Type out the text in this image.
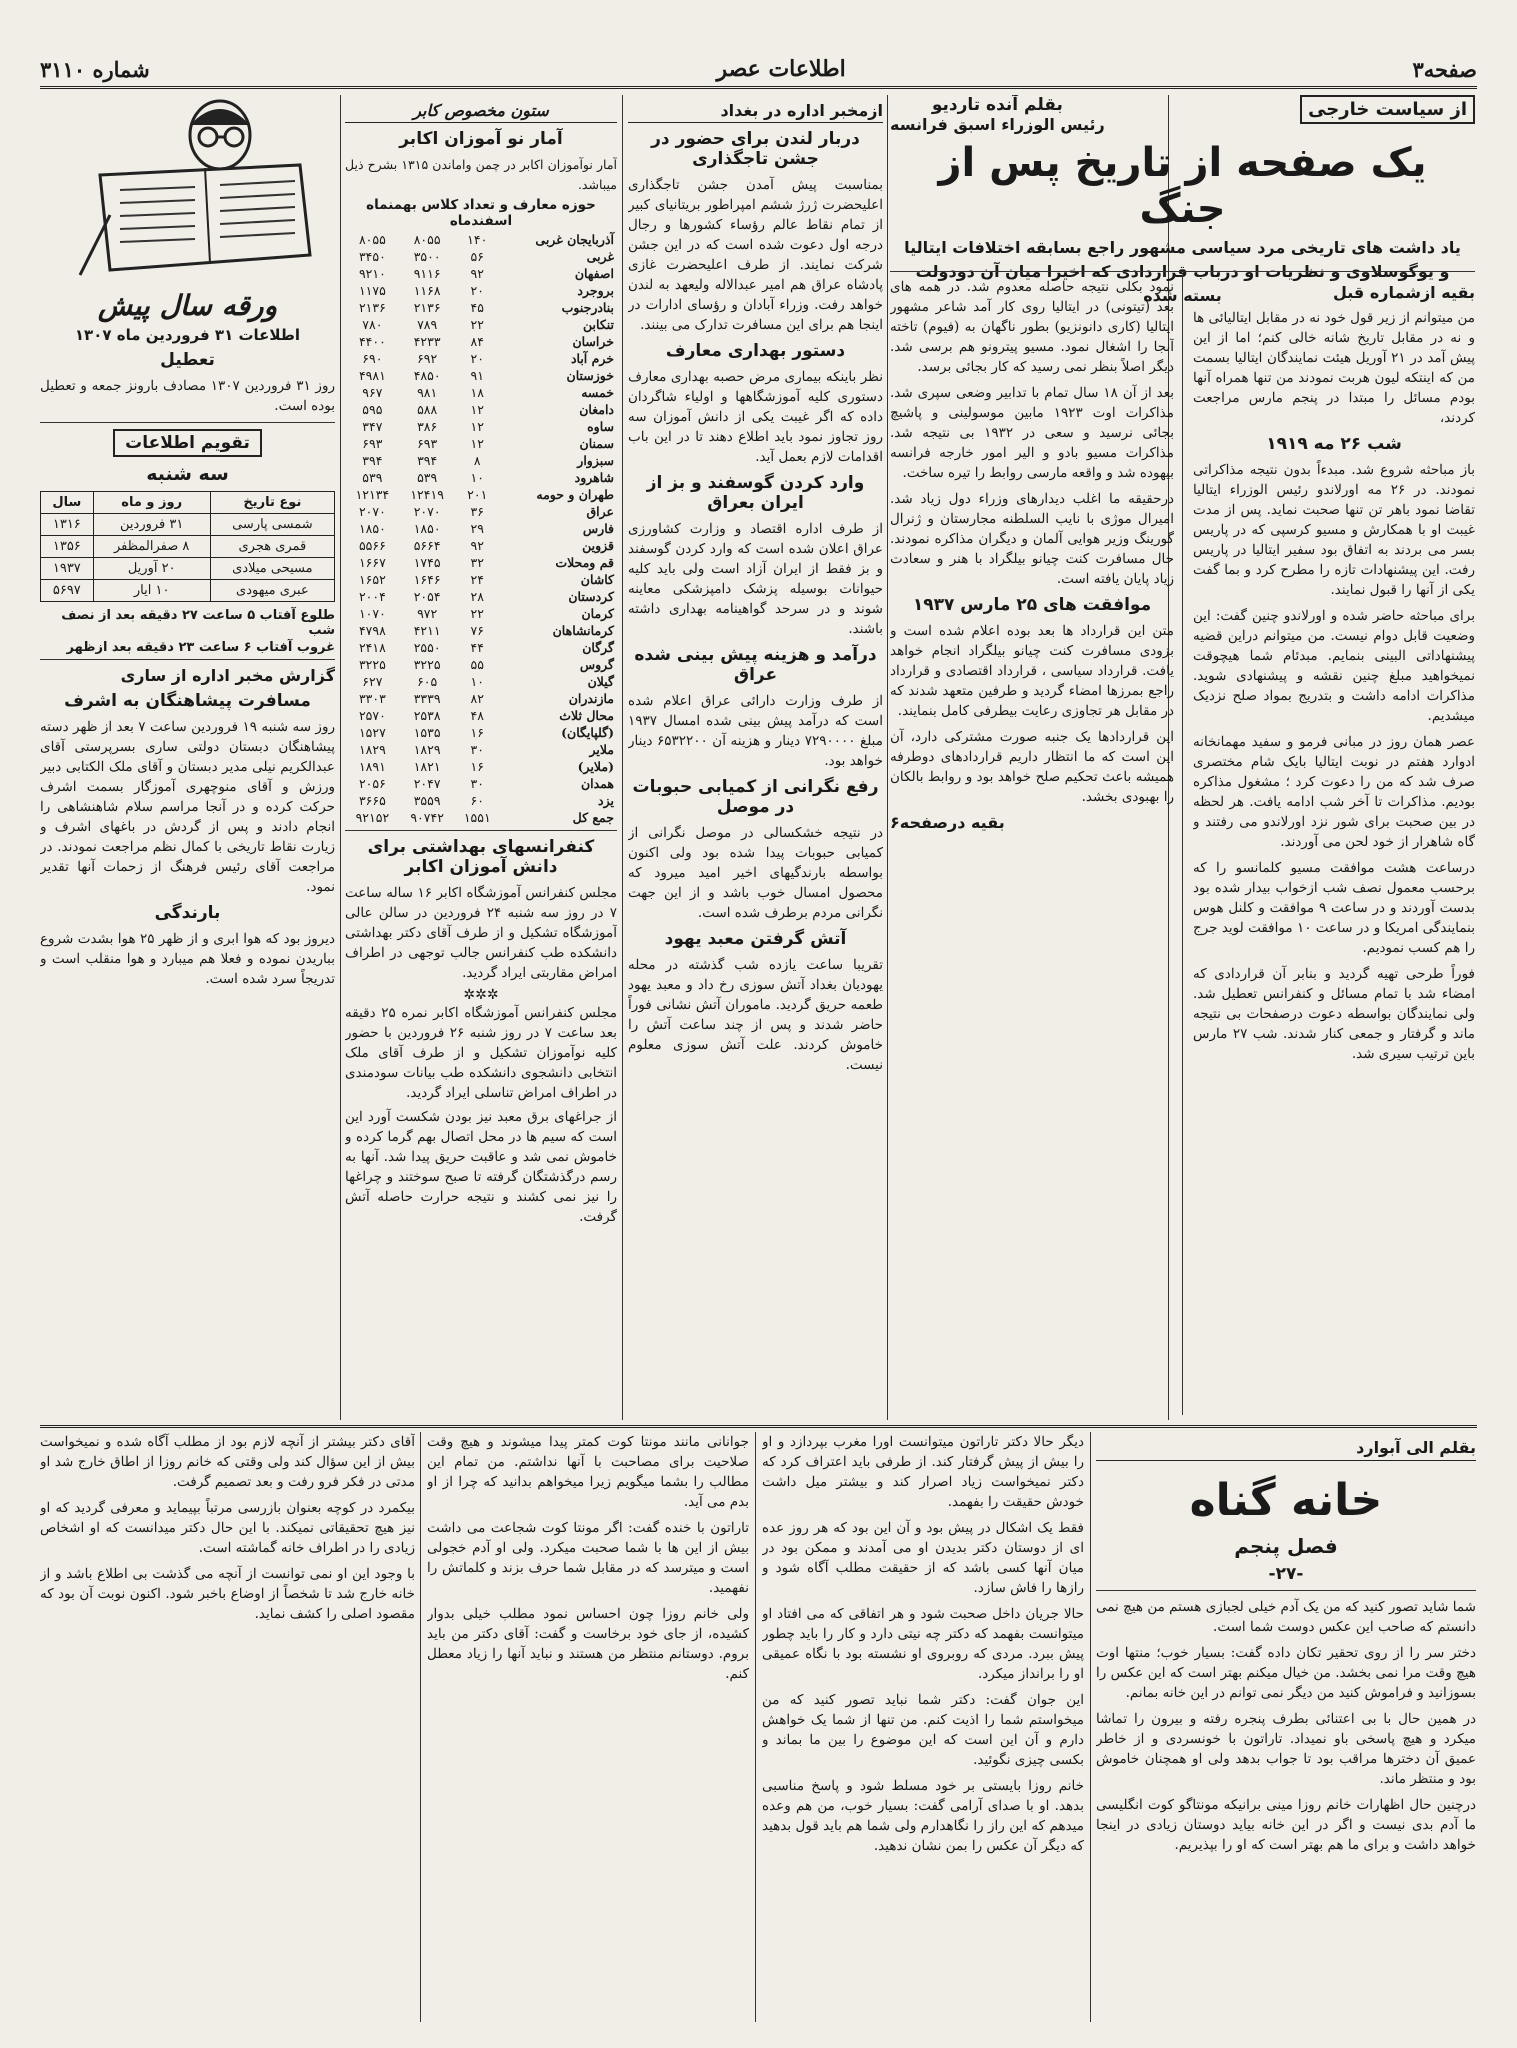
صفحه۳
اطلاعات عصر
شماره ۳۱۱۰
از سیاست خارجی
بقلم آنده تاردیو
رئیس الوزراء اسبق فرانسه
یک صفحه از تاریخ پس از جنگ
یاد داشت های تاریخی مرد سیاسی مشهور راجع بسابقه اختلافات ایتالیا و یوگوسلاوی و نظریات او درباب قراردادی که اخیرا میان آن دودولت بسته شده	بقیه ازشماره قبل

من میتوانم از زیر قول خود نه در مقابل ایتالیائی ها و نه در مقابل تاریخ شانه خالی کنم؛ اما از این پیش آمد در ۲۱ آوریل هیئت نمایندگان ایتالیا بسمت من که اینتکه لیون هربت نمودند من تنها همراه آنها بودم مسائل را مبتدا در پنجم مارس مراجعت کردند،

شب ۲۶ مه ۱۹۱۹

باز مباحثه شروع شد. مبدءاً بدون نتیجه مذاکراتی نمودند. در ۲۶ مه اورلاندو رئیس الوزراء ایتالیا تقاضا نمود باهر تن تنها صحبت نماید. پس از مدت غیبت او با همکارش و مسیو کرسپی که در پاریس بسر می بردند به اتفاق بود سفیر ایتالیا در پاریس رفت. این پیشنهادات تازه را مطرح کرد و بما گفت یکی از آنها را قبول نمایند.

برای مباحثه حاضر شده و اورلاندو چنین گفت: این وضعیت قابل دوام نیست. من میتوانم دراین قضیه پیشنهاداتی البینی بنمایم. مبدئام شما هیچوقت نمیخواهید مبلغ چنین نقشه و پیشنهادی شوید. مذاکرات ادامه داشت و بتدریج بمواد صلح نزدیک میشدیم.

عصر همان روز در مبانی فرمو و سفید مهمانخانه ادوارد هفتم در نوبت ایتالیا بایک شام مختصری صرف شد که من را دعوت کرد ؛ مشغول مذاکره بودیم. مذاکرات تا آخر شب ادامه یافت. هر لحظه در بین صحبت برای شور نزد اورلاندو می رفتند و گاه شاهرار از خود لحن می آوردند.

درساعت هشت موافقت مسیو کلمانسو را که برحسب معمول نصف شب ازخواب بیدار شده بود بدست آوردند و در ساعت ۹ موافقت و کلنل هوس بنمایندگی امریکا و در ساعت ۱۰ موافقت لوید جرج را هم کسب نمودیم.

فوراً طرحی تهیه گردید و بنابر آن قراردادی که امضاء شد با تمام مسائل و کنفرانس تعطیل شد. ولی نمایندگان بواسطه دعوت درصفحات بی نتیجه ماند و گرفتار و جمعی کنار شدند. شب ۲۷ مارس باین ترتیب سیری شد.

نمود بکلی نتیجه حاصله معدوم شد. در همه های بعد (تیتونی) در ایتالیا روی کار آمد شاعر مشهور ایتالیا (کاری دانونزیو) بطور ناگهان به (فیوم) تاخته آنجا را اشغال نمود. مسیو پیترونو هم برسی شد. دیگر اصلاً بنظر نمی رسید که کار بجائی برسد.

بعد از آن ۱۸ سال تمام با تدابیر وضعی سپری شد. مذاکرات اوت ۱۹۲۳ مابین موسولینی و پاشیچ بجائی نرسید و سعی در ۱۹۳۲ بی نتیجه شد. مذاکرات مسیو بادو و الیر امور خارجه فرانسه بیهوده شد و واقعه مارسی روابط را تیره ساخت.

درحقیقه ما اغلب دیدارهای وزراء دول زیاد شد. امیرال موژی با نایب السلطنه مجارستان و ژنرال گورینگ وزیر هوایی آلمان و دیگران مذاکره نمودند. حال مسافرت کنت چیانو بیلگراد با هنر و سعادت زیاد پایان یافته است.

موافقت های ۲۵ مارس ۱۹۳۷

متن این قرارداد ها بعد بوده اعلام شده است و بزودی مسافرت کنت چیانو بیلگراد انجام خواهد یافت. قرارداد سیاسی ، قرارداد اقتصادی و قرارداد راجع بمرزها امضاء گردید و طرفین متعهد شدند که در مقابل هر تجاوزی رعایت بیطرفی کامل بنمایند.

این قراردادها یک جنبه صورت مشترکی دارد، آن این است که ما انتظار داریم قراردادهای دوطرفه همیشه باعث تحکیم صلح خواهد بود و روابط بالکان را بهبودی بخشد.

بقیه درصفحه۶
ازمخبر اداره در بغداد
دربار لندن برای حضور در جشن تاجگذاری

بمناسبت پیش آمدن جشن تاجگذاری اعلیحضرت ژرژ ششم امپراطور بریتانیای کبیر از تمام نقاط عالم رؤساء کشورها و رجال درجه اول دعوت شده است که در این جشن شرکت نمایند. از طرف اعلیحضرت غازی پادشاه عراق هم امیر عبدالاله ولیعهد به لندن خواهد رفت. وزراء آبادان و رؤسای ادارات در اینجا هم برای این مسافرت تدارک می بینند.

دستور بهداری معارف

نظر باینکه بیماری مرض حصبه بهداری معارف دستوری کلیه آموزشگاهها و اولیاء شاگردان داده که اگر غیبت یکی از دانش آموزان سه روز تجاوز نمود باید اطلاع دهند تا در این باب اقدامات لازم بعمل آید.

وارد کردن گوسفند و بز از ایران بعراق

از طرف اداره اقتصاد و وزارت کشاورزی عراق اعلان شده است که وارد کردن گوسفند و بز فقط از ایران آزاد است ولی باید کلیه حیوانات بوسیله پزشک دامپزشکی معاینه شوند و در سرحد گواهینامه بهداری داشته باشند.

درآمد و هزینه پیش بینی شده عراق

از طرف وزارت دارائی عراق اعلام شده است که درآمد پیش بینی شده امسال ۱۹۳۷ مبلغ ۷۲۹۰۰۰۰ دینار و هزینه آن ۶۵۳۲۲۰۰ دینار خواهد بود.

رفع نگرانی از کمیابی حبوبات در موصل

در نتیجه خشکسالی در موصل نگرانی از کمیابی حبوبات پیدا شده بود ولی اکنون بواسطه بارندگیهای اخیر امید میرود که محصول امسال خوب باشد و از این جهت نگرانی مردم برطرف شده است.

آتش گرفتن معبد یهود

تقریبا ساعت یازده شب گذشته در محله یهودیان بغداد آتش سوزی رخ داد و معبد یهود طعمه حریق گردید. ماموران آتش نشانی فوراً حاضر شدند و پس از چند ساعت آتش را خاموش کردند. علت آتش سوزی معلوم نیست.

ستون مخصوص کابر
آمار نو آموزان اکابر

آمار نوآموزان اکابر در چمن واماندن ۱۳۱۵ بشرح ذیل میباشد.

حوزه معارف و تعداد کلاس بهمنماه اسفندماه
آذربایجان غربی	۱۴۰	۸۰۵۵	۸۰۵۵
غربی	۵۶	۳۵۰۰	۳۴۵۰
اصفهان	۹۲	۹۱۱۶	۹۲۱۰
بروجرد	۲۰	۱۱۶۸	۱۱۷۵
بنادرجنوب	۴۵	۲۱۳۶	۲۱۳۶
تنکابن	۲۲	۷۸۹	۷۸۰
خراسان	۸۴	۴۲۳۳	۴۴۰۰
خرم آباد	۲۰	۶۹۲	۶۹۰
خوزستان	۹۱	۴۸۵۰	۴۹۸۱
خمسه	۱۸	۹۸۱	۹۶۷
دامغان	۱۲	۵۸۸	۵۹۵
ساوه	۱۲	۳۸۶	۳۴۷
سمنان	۱۲	۶۹۳	۶۹۳
سبزوار	۸	۳۹۴	۳۹۴
شاهرود	۱۰	۵۳۹	۵۳۹
طهران و حومه	۲۰۱	۱۲۴۱۹	۱۲۱۳۴
عراق	۳۶	۲۰۷۰	۲۰۷۰
فارس	۲۹	۱۸۵۰	۱۸۵۰
قزوین	۹۲	۵۶۶۴	۵۵۶۶
قم ومحلات	۳۲	۱۷۴۵	۱۶۶۷
کاشان	۲۴	۱۶۴۶	۱۶۵۲
کردستان	۲۸	۲۰۵۴	۲۰۰۴
کرمان	۲۲	۹۷۲	۱۰۷۰
کرمانشاهان	۷۶	۴۲۱۱	۴۷۹۸
گرگان	۴۴	۲۵۵۰	۲۴۱۸
گروس	۵۵	۳۲۲۵	۳۲۲۵
گیلان	۱۰	۶۰۵	۶۲۷
مازندران	۸۲	۳۳۳۹	۳۳۰۳
محال ثلاث	۴۸	۲۵۳۸	۲۵۷۰
(گلپایگان)	۱۶	۱۵۳۵	۱۵۲۷
ملایر	۳۰	۱۸۲۹	۱۸۲۹
(ملایر)	۱۶	۱۸۲۱	۱۸۹۱
همدان	۳۰	۲۰۴۷	۲۰۵۶
یزد	۶۰	۳۵۵۹	۳۶۶۵
جمع کل	۱۵۵۱	۹۰۷۴۲	۹۲۱۵۲
کنفرانسهای بهداشتی برای دانش آموزان اکابر

مجلس کنفرانس آموزشگاه اکابر ۱۶ ساله ساعت ۷ در روز سه شنبه ۲۴ فروردین در سالن عالی آموزشگاه تشکیل و از طرف آقای دکتر بهداشتی دانشکده طب کنفرانس جالب توجهی در اطراف امراض مقاربتی ایراد گردید.

✲✲✲

مجلس کنفرانس آموزشگاه اکابر نمره ۲۵ دقیقه بعد ساعت ۷ در روز شنبه ۲۶ فروردین با حضور کلیه نوآموزان تشکیل و از طرف آقای ملک انتخابی دانشجوی دانشکده طب بیانات سودمندی در اطراف امراض تناسلی ایراد گردید.

از جراغهای برق معبد نیز بودن شکست آورد این است که سیم ها در محل اتصال بهم گرما کرده و خاموش نمی شد و عاقبت حریق پیدا شد. آنها به رسم درگذشتگان گرفته تا صبح سوختند و چراغها را نیز نمی کشند و نتیجه حرارت حاصله آتش گرفت.

ورقه سال پیش
اطلاعات ۳۱ فروردین ماه ۱۳۰۷
تعطیل

روز ۳۱ فروردین ۱۳۰۷ مصادف بارونز جمعه و تعطیل بوده است.

تقویم اطلاعات
سه شنبه
نوع تاریخ	روز و ماه	سال
شمسی پارسی	۳۱ فروردین	۱۳۱۶
قمری هجری	۸ صفرالمظفر	۱۳۵۶
مسیحی میلادی	۲۰ آوریل	۱۹۳۷
عبری میهودی	۱۰ ایار	۵۶۹۷

طلوع آفتاب ۵ ساعت ۲۷ دقیقه بعد از نصف شب

غروب آفتاب ۶ ساعت ۲۳ دقیقه بعد ازظهر

گزارش مخبر اداره از ساری
مسافرت پیشاهنگان به اشرف

روز سه شنبه ۱۹ فروردین ساعت ۷ بعد از ظهر دسته پیشاهنگان دبستان دولتی ساری بسرپرستی آقای عبدالکریم نیلی مدیر دبستان و آقای ملک الکتابی دبیر ورزش و آقای منوچهری آموزگار بسمت اشرف حرکت کرده و در آنجا مراسم سلام شاهنشاهی را انجام دادند و پس از گردش در باغهای اشرف و زیارت نقاط تاریخی با کمال نظم مراجعت نمودند. در مراجعت آقای رئیس فرهنگ از زحمات آنها تقدیر نمود.

بارندگی

دیروز بود که هوا ابری و از ظهر ۲۵ هوا بشدت شروع بباریدن نموده و فعلا هم میبارد و هوا منقلب است و تدریجاً سرد شده است.

بقلم الی آبوارد
خانه گناه
فصل پنجم
-۲۷-

شما شاید تصور کنید که من یک آدم خیلی لجبازی هستم من هیچ نمی دانستم که صاحب این عکس دوست شما است.

دختر سر را از روی تحقیر تکان داده گفت: بسیار خوب؛ منتها اوت هیچ وقت مرا نمی بخشد. من خیال میکنم بهتر است که این عکس را بسوزانید و فراموش کنید من دیگر نمی توانم در این خانه بمانم.

در همین حال با بی اعتنائی بطرف پنجره رفته و بیرون را تماشا میکرد و هیچ پاسخی باو نمیداد. تاراتون با خونسردی و از خاطر عمیق آن دخترها مراقب بود تا جواب بدهد ولی او همچنان خاموش بود و منتظر ماند.

درچنین حال اظهارات خانم روزا مینی برانیکه مونتاگو کوت انگلیسی ما آدم بدی نیست و اگر در این خانه بیاید دوستان زیادی در اینجا خواهد داشت و برای ما هم بهتر است که او را بپذیریم.

دیگر حالا دکتر تاراتون میتوانست اورا مغرب بپردازد و او را بیش از پیش گرفتار کند. از طرفی باید اعتراف کرد که دکتر نمیخواست زیاد اصرار کند و بیشتر میل داشت خودش حقیقت را بفهمد.

فقط یک اشکال در پیش بود و آن این بود که هر روز عده ای از دوستان دکتر بدیدن او می آمدند و ممکن بود در میان آنها کسی باشد که از حقیقت مطلب آگاه شود و رازها را فاش سازد.

حالا جریان داخل صحبت شود و هر اتفاقی که می افتاد او میتوانست بفهمد که دکتر چه نیتی دارد و کار را باید چطور پیش ببرد. مردی که روبروی او نشسته بود با نگاه عمیقی او را برانداز میکرد.

این جوان گفت: دکتر شما نباید تصور کنید که من میخواستم شما را اذیت کنم. من تنها از شما یک خواهش دارم و آن این است که این موضوع را بین ما بماند و بکسی چیزی نگوئید.

خانم روزا بایستی بر خود مسلط شود و پاسخ مناسبی بدهد. او با صدای آرامی گفت: بسیار خوب، من هم وعده میدهم که این راز را نگاهدارم ولی شما هم باید قول بدهید که دیگر آن عکس را بمن نشان ندهید.

جوانانی مانند مونتا کوت کمتر پیدا میشوند و هیچ وقت صلاحیت برای مصاحبت با آنها نداشتم. من تمام این مطالب را بشما میگویم زیرا میخواهم بدانید که چرا از او بدم می آید.

تاراتون با خنده گفت: اگر مونتا کوت شجاعت می داشت بیش از این ها با شما صحبت میکرد. ولی او آدم خجولی است و میترسد که در مقابل شما حرف بزند و کلماتش را نفهمید.

ولی خانم روزا چون احساس نمود مطلب خیلی بدوار کشیده، از جای خود برخاست و گفت: آقای دکتر من باید بروم. دوستانم منتظر من هستند و نباید آنها را زیاد معطل کنم.

آقای دکتر بیشتر از آنچه لازم بود از مطلب آگاه شده و نمیخواست بیش از این سؤال کند ولی وقتی که خانم روزا از اطاق خارج شد او مدتی در فکر فرو رفت و بعد تصمیم گرفت.

بیکمرد در کوچه بعنوان بازرسی مرتباً بپیماید و معرفی گردید که او نیز هیچ تحقیقاتی نمیکند. با این حال دکتر میدانست که او اشخاص زیادی را در اطراف خانه گماشته است.

با وجود این او نمی توانست از آنچه می گذشت بی اطلاع باشد و از خانه خارج شد تا شخصاً از اوضاع باخبر شود. اکنون نوبت آن بود که مقصود اصلی را کشف نماید.
